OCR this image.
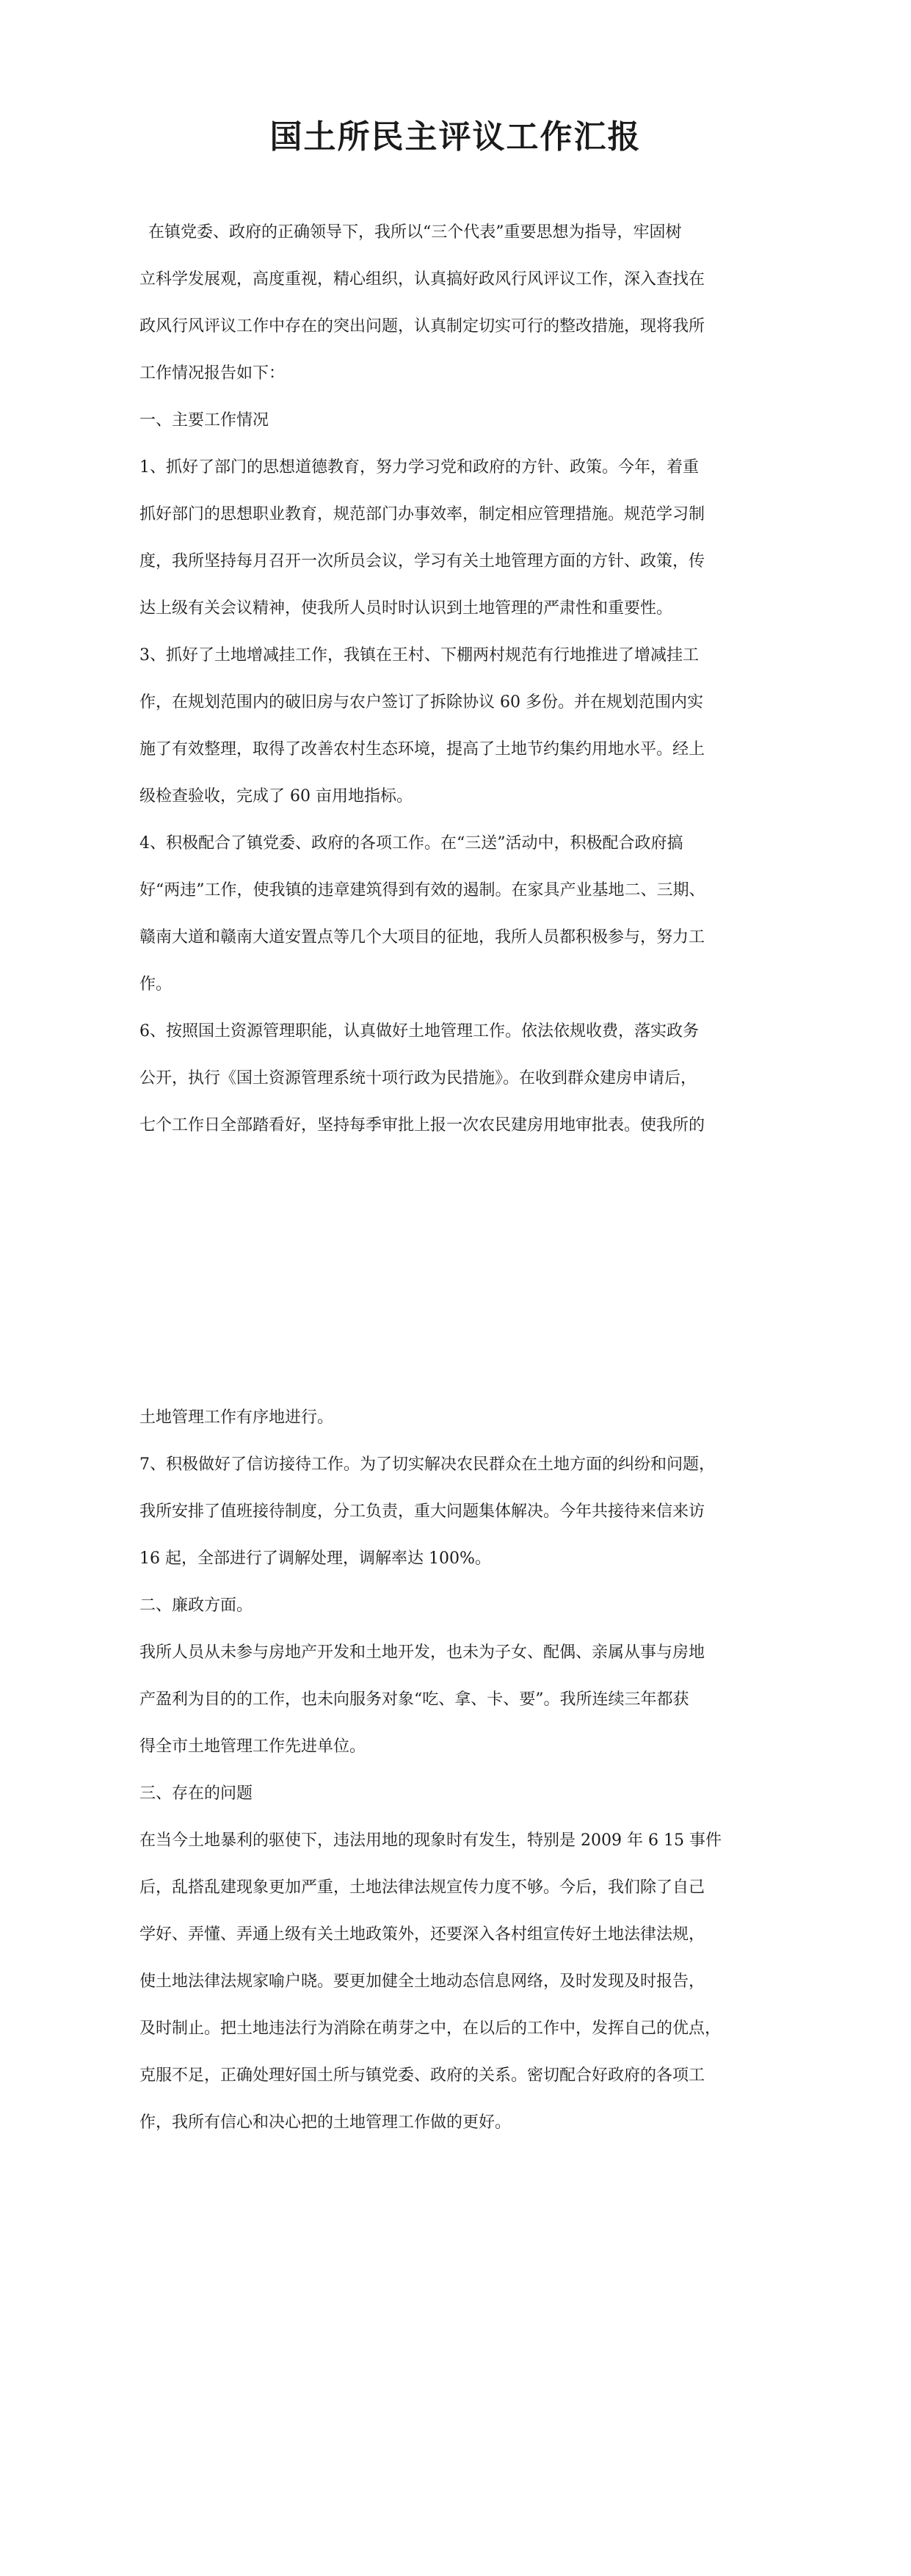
国土所民主评议工作汇报
在镇党委、政府的正确领导下，我所以“三个代表”重要思想为指导，牢固树
立科学发展观，高度重视，精心组织，认真搞好政风行风评议工作，深入查找在
政风行风评议工作中存在的突出问题，认真制定切实可行的整改措施，现将我所
工作情况报告如下：
一、主要工作情况
1、抓好了部门的思想道德教育，努力学习党和政府的方针、政策。今年，着重
抓好部门的思想职业教育，规范部门办事效率，制定相应管理措施。规范学习制
度，我所坚持每月召开一次所员会议，学习有关土地管理方面的方针、政策，传
达上级有关会议精神，使我所人员时时认识到土地管理的严肃性和重要性。
3、抓好了土地增减挂工作，我镇在王村、下棚两村规范有行地推进了增减挂工
作，在规划范围内的破旧房与农户签订了拆除协议 60 多份。并在规划范围内实
施了有效整理，取得了改善农村生态环境，提高了土地节约集约用地水平。经上
级检查验收，完成了 60 亩用地指标。
4、积极配合了镇党委、政府的各项工作。在“三送”活动中，积极配合政府搞
好“两违”工作，使我镇的违章建筑得到有效的遏制。在家具产业基地二、三期、
赣南大道和赣南大道安置点等几个大项目的征地，我所人员都积极参与，努力工
作。
6、按照国土资源管理职能，认真做好土地管理工作。依法依规收费，落实政务
公开，执行《国土资源管理系统十项行政为民措施》。在收到群众建房申请后，
七个工作日全部踏看好，坚持每季审批上报一次农民建房用地审批表。使我所的
土地管理工作有序地进行。
7、积极做好了信访接待工作。为了切实解决农民群众在土地方面的纠纷和问题，
我所安排了值班接待制度，分工负责，重大问题集体解决。今年共接待来信来访
16 起，全部进行了调解处理，调解率达 100%。
二、廉政方面。
我所人员从未参与房地产开发和土地开发，也未为子女、配偶、亲属从事与房地
产盈利为目的的工作，也未向服务对象“吃、拿、卡、要”。我所连续三年都获
得全市土地管理工作先进单位。
三、存在的问题
在当今土地暴利的驱使下，违法用地的现象时有发生，特别是 2009 年 6 15 事件
后，乱搭乱建现象更加严重，土地法律法规宣传力度不够。今后，我们除了自己
学好、弄懂、弄通上级有关土地政策外，还要深入各村组宣传好土地法律法规，
使土地法律法规家喻户晓。要更加健全土地动态信息网络，及时发现及时报告，
及时制止。把土地违法行为消除在萌芽之中，在以后的工作中，发挥自己的优点，
克服不足，正确处理好国土所与镇党委、政府的关系。密切配合好政府的各项工
作，我所有信心和决心把的土地管理工作做的更好。
